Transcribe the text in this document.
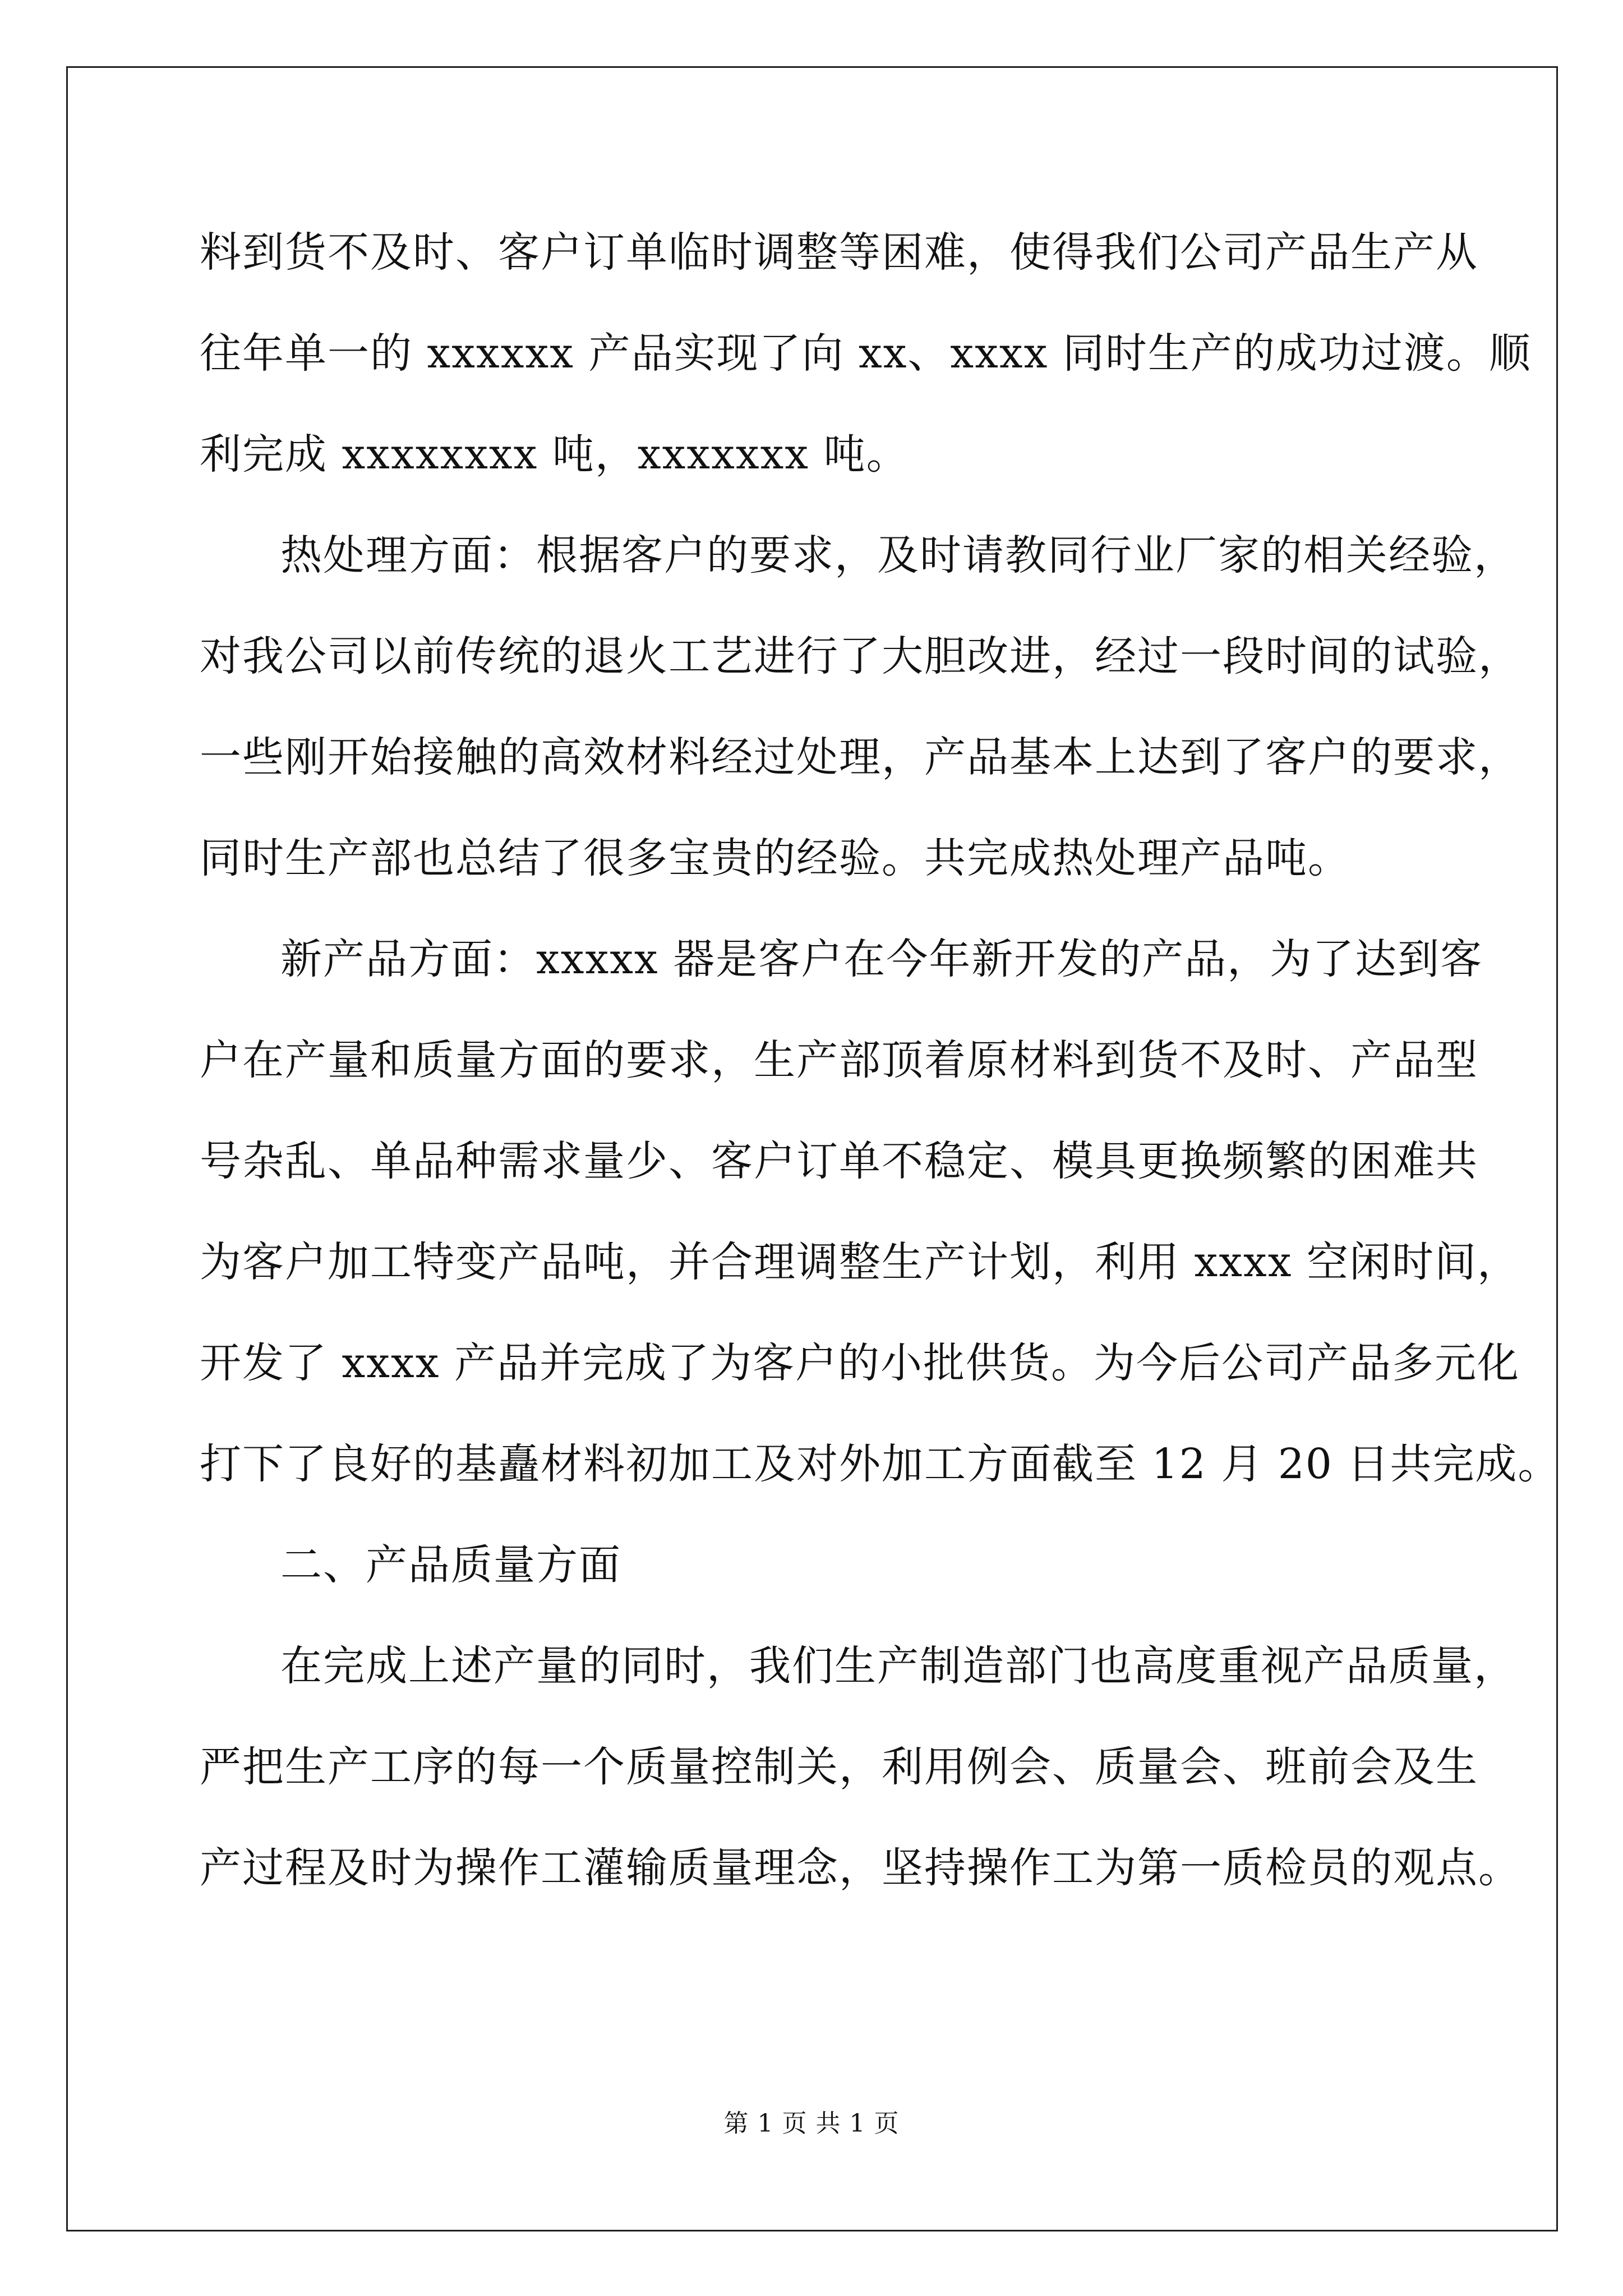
料到货不及时、客户订单临时调整等困难，使得我们公司产品生产从
往年单一的 xxxxxx 产品实现了向 xx、xxxx 同时生产的成功过渡。顺
利完成 xxxxxxxx 吨，xxxxxxx 吨。
热处理方面：根据客户的要求，及时请教同行业厂家的相关经验，
对我公司以前传统的退火工艺进行了大胆改进，经过一段时间的试验，
一些刚开始接触的高效材料经过处理，产品基本上达到了客户的要求，
同时生产部也总结了很多宝贵的经验。共完成热处理产品吨。
新产品方面：xxxxx 器是客户在今年新开发的产品，为了达到客
户在产量和质量方面的要求，生产部顶着原材料到货不及时、产品型
号杂乱、单品种需求量少、客户订单不稳定、模具更换频繁的困难共
为客户加工特变产品吨，并合理调整生产计划，利用 xxxx 空闲时间，
开发了 xxxx 产品并完成了为客户的小批供货。为今后公司产品多元化
打下了良好的基矗材料初加工及对外加工方面截至 12 月 20 日共完成。
二、产品质量方面
在完成上述产量的同时，我们生产制造部门也高度重视产品质量，
严把生产工序的每一个质量控制关，利用例会、质量会、班前会及生
产过程及时为操作工灌输质量理念，坚持操作工为第一质检员的观点。
第 1 页 共 1 页
